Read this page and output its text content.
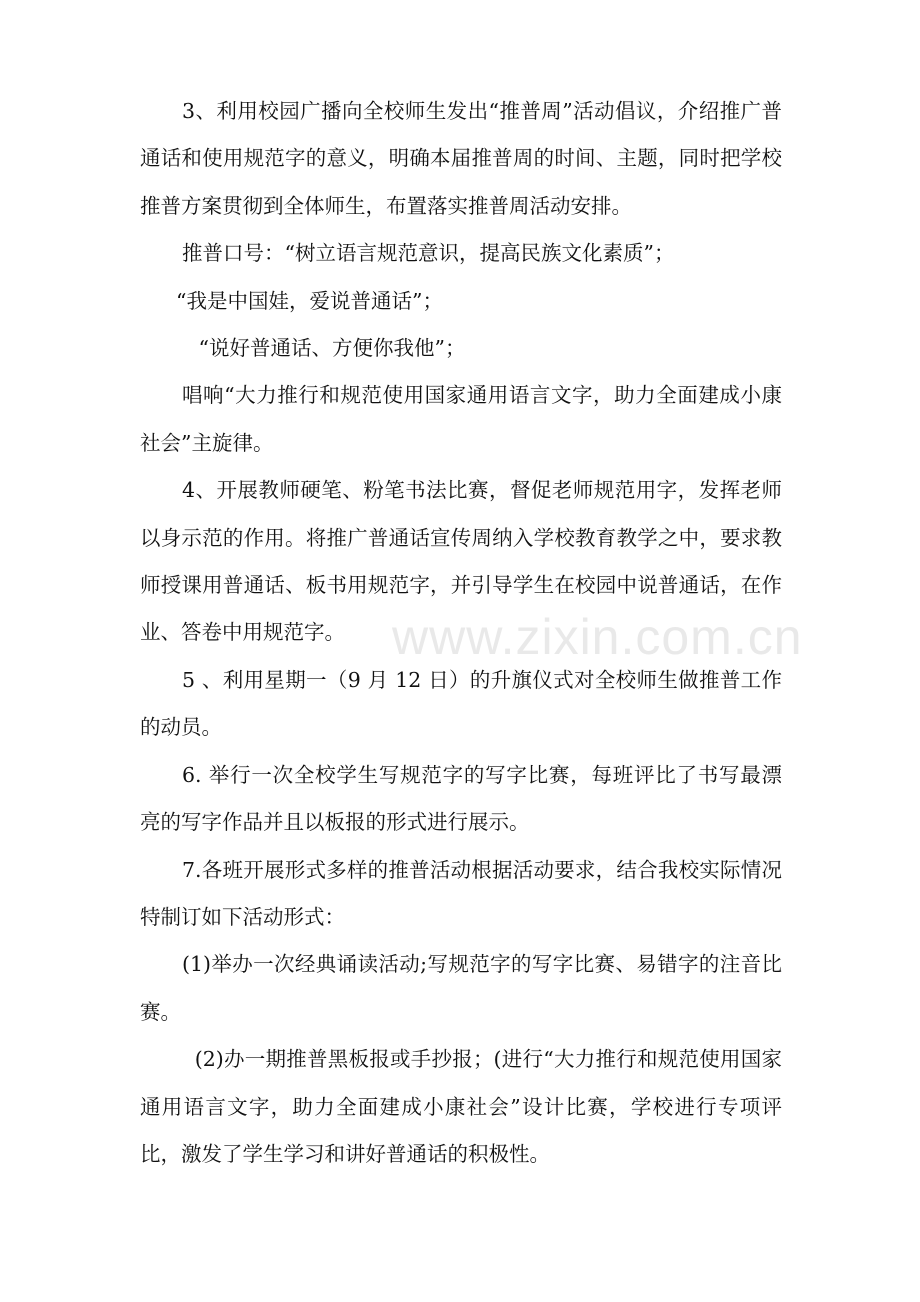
3、利用校园广播向全校师生发出“推普周”活动倡议，介绍推广普通话和使用规范字的意义，明确本届推普周的时间、主题，同时把学校推普方案贯彻到全体师生，布置落实推普周活动安排。

推普口号：“树立语言规范意识，提高民族文化素质”；

“我是中国娃，爱说普通话”；

“说好普通话、方便你我他”；

唱响“大力推行和规范使用国家通用语言文字，助力全面建成小康社会”主旋律。

4、开展教师硬笔、粉笔书法比赛，督促老师规范用字，发挥老师以身示范的作用。将推广普通话宣传周纳入学校教育教学之中，要求教师授课用普通话、板书用规范字，并引导学生在校园中说普通话，在作业、答卷中用规范字。

5 、利用星期一（9 月 12 日）的升旗仪式对全校师生做推普工作的动员。

6. 举行一次全校学生写规范字的写字比赛，每班评比了书写最漂亮的写字作品并且以板报的形式进行展示。

7.各班开展形式多样的推普活动根据活动要求，结合我校实际情况特制订如下活动形式：

(1)举办一次经典诵读活动;写规范字的写字比赛、易错字的注音比赛。

(2)办一期推普黑板报或手抄报；(进行“大力推行和规范使用国家通用语言文字，助力全面建成小康社会”设计比赛，学校进行专项评比，激发了学生学习和讲好普通话的积极性。

www.zixin.com.cn
